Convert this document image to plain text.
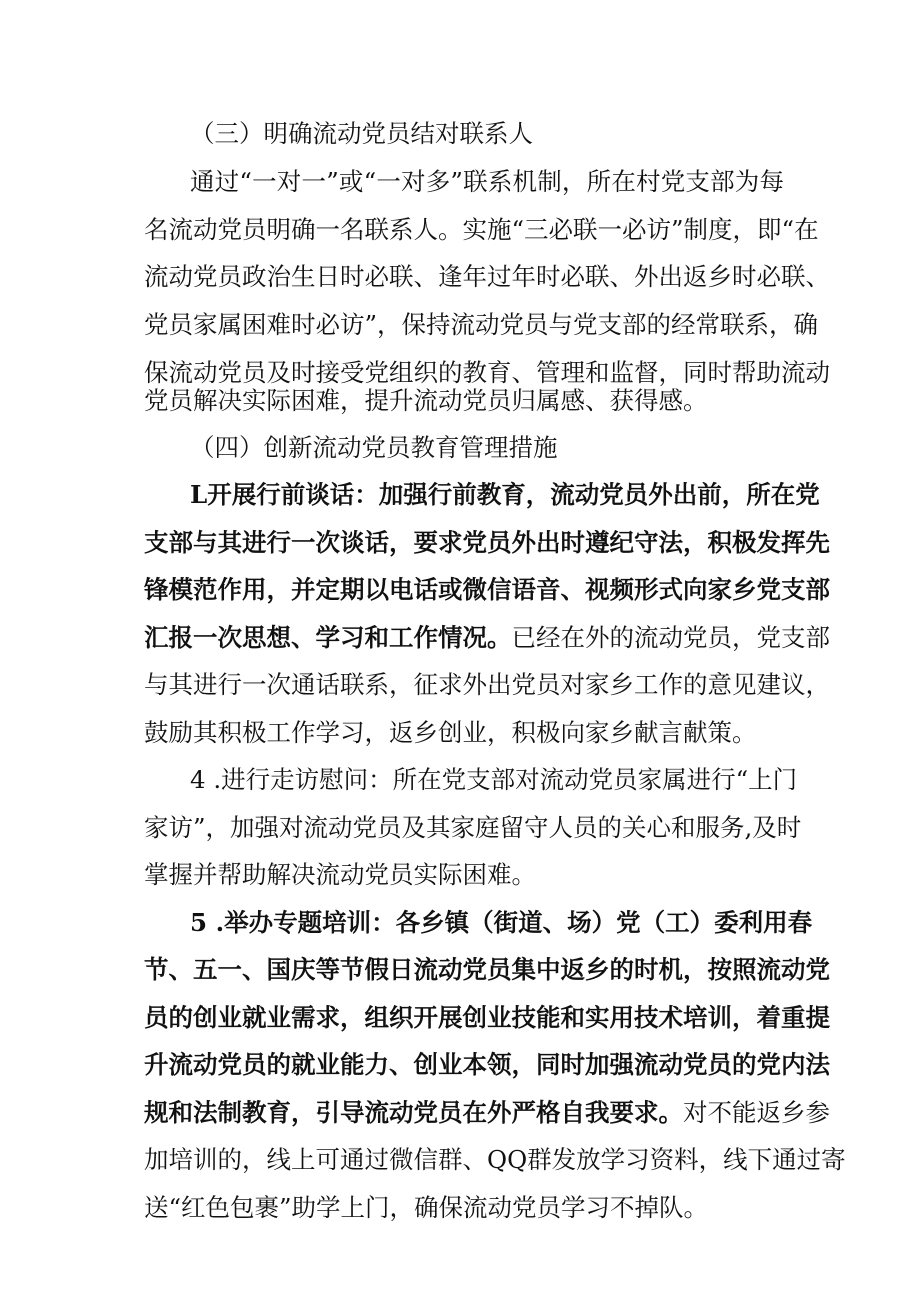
（三）明确流动党员结对联系人
通过“一对一”或“一对多”联系机制，所在村党支部为每
名流动党员明确一名联系人。实施“三必联一必访”制度，即“在
流动党员政治生日时必联、逢年过年时必联、外出返乡时必联、
党员家属困难时必访”，保持流动党员与党支部的经常联系，确
保流动党员及时接受党组织的教育、管理和监督，同时帮助流动
党员解决实际困难，提升流动党员归属感、获得感。
（四）创新流动党员教育管理措施
L开展行前谈话：加强行前教育，流动党员外出前，所在党
支部与其进行一次谈话，要求党员外出时遵纪守法，积极发挥先
锋模范作用，并定期以电话或微信语音、视频形式向家乡党支部
汇报一次思想、学习和工作情况。已经在外的流动党员，党支部
与其进行一次通话联系，征求外出党员对家乡工作的意见建议，
鼓励其积极工作学习，返乡创业，积极向家乡献言献策。
4 .进行走访慰问：所在党支部对流动党员家属进行“上门
家访”，加强对流动党员及其家庭留守人员的关心和服务,及时
掌握并帮助解决流动党员实际困难。
5 .举办专题培训：各乡镇（街道、场）党（工）委利用春
节、五一、国庆等节假日流动党员集中返乡的时机，按照流动党
员的创业就业需求，组织开展创业技能和实用技术培训，着重提
升流动党员的就业能力、创业本领，同时加强流动党员的党内法
规和法制教育，引导流动党员在外严格自我要求。对不能返乡参
加培训的，线上可通过微信群、QQ群发放学习资料，线下通过寄
送“红色包裹”助学上门，确保流动党员学习不掉队。
